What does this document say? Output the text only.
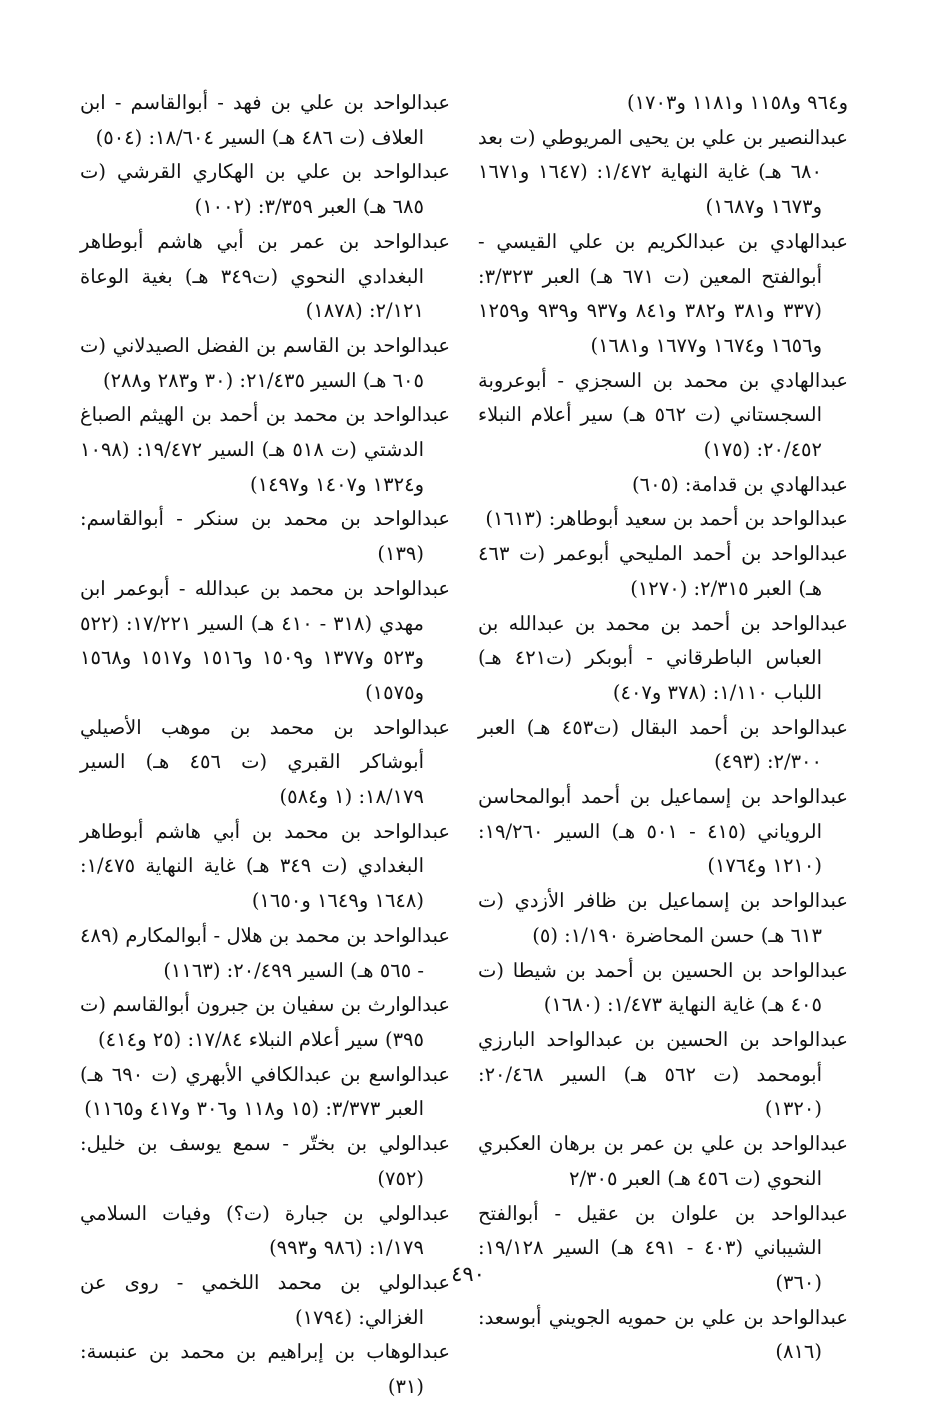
و٩٦٤ و١١٥٨ و١١٨١ و١٧٠٣)

عبدالنصير بن علي بن يحيى المريوطي (ت بعد ٦٨٠ هـ) غاية النهاية ١/٤٧٢: (١٦٤٧ و١٦٧١ و١٦٧٣ و١٦٨٧)

عبدالهادي بن عبدالكريم بن علي القيسي - أبوالفتح المعين (ت ٦٧١ هـ) العبر ٣/٣٢٣: (٣٣٧ و٣٨١ و٣٨٢ و٨٤١ و٩٣٧ و٩٣٩ و١٢٥٩ و١٦٥٦ و١٦٧٤ و١٦٧٧ و١٦٨١)

عبدالهادي بن محمد بن السجزي - أبوعروبة السجستاني (ت ٥٦٢ هـ) سير أعلام النبلاء ٢٠/٤٥٢: (١٧٥)

عبدالهادي بن قدامة: (٦٠٥)

عبدالواحد بن أحمد بن سعيد أبوطاهر: (١٦١٣)

عبدالواحد بن أحمد المليحي أبوعمر (ت ٤٦٣ هـ) العبر ٢/٣١٥: (١٢٧٠)

عبدالواحد بن أحمد بن محمد بن عبدالله بن العباس الباطرقاني - أبوبكر (ت٤٢١ هـ) اللباب ١/١١٠: (٣٧٨ و٤٠٧)

عبدالواحد بن أحمد البقال (ت٤٥٣ هـ) العبر ٢/٣٠٠: (٤٩٣)

عبدالواحد بن إسماعيل بن أحمد أبوالمحاسن الروياني (٤١٥ - ٥٠١ هـ) السير ١٩/٢٦٠: (١٢١٠ و١٧٦٤)

عبدالواحد بن إسماعيل بن ظافر الأزدي (ت ٦١٣ هـ) حسن المحاضرة ١/١٩٠: (٥)

عبدالواحد بن الحسين بن أحمد بن شيطا (ت ٤٠٥ هـ) غاية النهاية ١/٤٧٣: (١٦٨٠)

عبدالواحد بن الحسين بن عبدالواحد البارزي أبومحمد (ت ٥٦٢ هـ) السير ٢٠/٤٦٨: (١٣٢٠)

عبدالواحد بن علي بن عمر بن برهان العكبري النحوي (ت ٤٥٦ هـ) العبر ٢/٣٠٥

عبدالواحد بن علوان بن عقيل - أبوالفتح الشيباني (٤٠٣ - ٤٩١ هـ) السير ١٩/١٢٨: (٣٦٠)

عبدالواحد بن علي بن حمويه الجويني أبوسعد: (٨١٦)

عبدالواحد بن علي بن فهد - أبوالقاسم - ابن العلاف (ت ٤٨٦ هـ) السير ١٨/٦٠٤: (٥٠٤)

عبدالواحد بن علي بن الهكاري القرشي (ت ٦٨٥ هـ) العبر ٣/٣٥٩: (١٠٠٢)

عبدالواحد بن عمر بن أبي هاشم أبوطاهر البغدادي النحوي (ت٣٤٩ هـ) بغية الوعاة ٢/١٢١: (١٨٧٨)

عبدالواحد بن القاسم بن الفضل الصيدلاني (ت ٦٠٥ هـ) السير ٢١/٤٣٥: (٣٠ و٢٨٣ و٢٨٨)

عبدالواحد بن محمد بن أحمد بن الهيثم الصباغ الدشتي (ت ٥١٨ هـ) السير ١٩/٤٧٢: (١٠٩٨ و١٣٢٤ و١٤٠٧ و١٤٩٧)

عبدالواحد بن محمد بن سنكر - أبوالقاسم: (١٣٩)

عبدالواحد بن محمد بن عبدالله - أبوعمر ابن مهدي (٣١٨ - ٤١٠ هـ) السير ١٧/٢٢١: (٥٢٢ و٥٢٣ و١٣٧٧ و١٥٠٩ و١٥١٦ و١٥١٧ و١٥٦٨ و١٥٧٥)

عبدالواحد بن محمد بن موهب الأصيلي أبوشاكر القبري (ت ٤٥٦ هـ) السير ١٨/١٧٩: (١ و٥٨٤)

عبدالواحد بن محمد بن أبي هاشم أبوطاهر البغدادي (ت ٣٤٩ هـ) غاية النهاية ١/٤٧٥: (١٦٤٨ و١٦٤٩ و١٦٥٠)

عبدالواحد بن محمد بن هلال - أبوالمكارم (٤٨٩ - ٥٦٥ هـ) السير ٢٠/٤٩٩: (١١٦٣)

عبدالوارث بن سفيان بن جبرون أبوالقاسم (ت ٣٩٥) سير أعلام النبلاء ١٧/٨٤: (٢٥ و٤١٤)

عبدالواسع بن عبدالكافي الأبهري (ت ٦٩٠ هـ) العبر ٣/٣٧٣: (١٥ و١١٨ و٣٠٦ و٤١٧ و١١٦٥)

عبدالولي بن بختّر - سمع يوسف بن خليل: (٧٥٢)

عبدالولي بن جبارة (ت؟) وفيات السلامي ١/١٧٩: (٩٨٦ و٩٩٣)

عبدالولي بن محمد اللخمي - روى عن الغزالي: (١٧٩٤)

عبدالوهاب بن إبراهيم بن محمد بن عنبسة: (٣١)

٤٩٠
